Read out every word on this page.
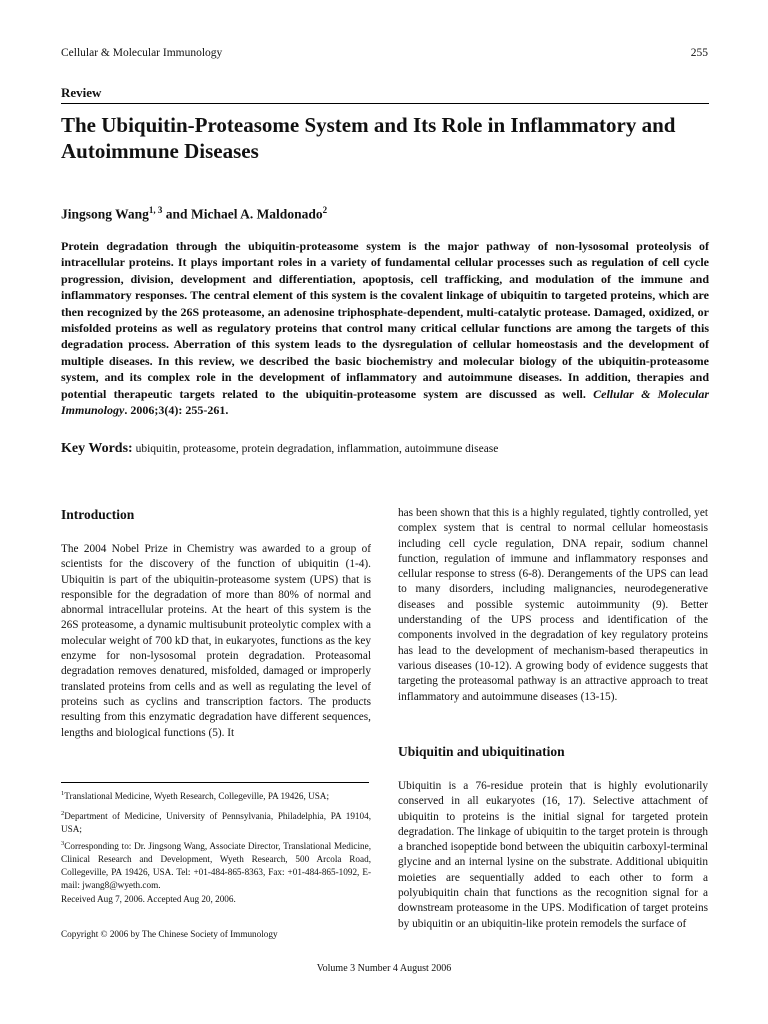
Cellular & Molecular Immunology	255
Review
The Ubiquitin-Proteasome System and Its Role in Inflammatory and Autoimmune Diseases
Jingsong Wang$^{1, 3}$ and Michael A. Maldonado$^2$
Protein degradation through the ubiquitin-proteasome system is the major pathway of non-lysosomal proteolysis of intracellular proteins. It plays important roles in a variety of fundamental cellular processes such as regulation of cell cycle progression, division, development and differentiation, apoptosis, cell trafficking, and modulation of the immune and inflammatory responses. The central element of this system is the covalent linkage of ubiquitin to targeted proteins, which are then recognized by the 26S proteasome, an adenosine triphosphate-dependent, multi-catalytic protease. Damaged, oxidized, or misfolded proteins as well as regulatory proteins that control many critical cellular functions are among the targets of this degradation process. Aberration of this system leads to the dysregulation of cellular homeostasis and the development of multiple diseases. In this review, we described the basic biochemistry and molecular biology of the ubiquitin-proteasome system, and its complex role in the development of inflammatory and autoimmune diseases. In addition, therapies and potential therapeutic targets related to the ubiquitin-proteasome system are discussed as well. Cellular & Molecular Immunology. 2006;3(4): 255-261.
Key Words: ubiquitin, proteasome, protein degradation, inflammation, autoimmune disease
Introduction
The 2004 Nobel Prize in Chemistry was awarded to a group of scientists for the discovery of the function of ubiquitin (1-4). Ubiquitin is part of the ubiquitin-proteasome system (UPS) that is responsible for the degradation of more than 80% of normal and abnormal intracellular proteins. At the heart of this system is the 26S proteasome, a dynamic multisubunit proteolytic complex with a molecular weight of 700 kD that, in eukaryotes, functions as the key enzyme for non-lysosomal protein degradation. Proteasomal degradation removes denatured, misfolded, damaged or improperly translated proteins from cells and as well as regulating the level of proteins such as cyclins and transcription factors. The products resulting from this enzymatic degradation have different sequences, lengths and biological functions (5). It
$^1$Translational Medicine, Wyeth Research, Collegeville, PA 19426, USA;
$^2$Department of Medicine, University of Pennsylvania, Philadelphia, PA 19104, USA;
$^3$Corresponding to: Dr. Jingsong Wang, Associate Director, Translational Medicine, Clinical Research and Development, Wyeth Research, 500 Arcola Road, Collegeville, PA 19426, USA. Tel: +01-484-865-8363, Fax: +01-484-865-1092, E-mail: jwang8@wyeth.com.
Received Aug 7, 2006. Accepted Aug 20, 2006.
Copyright © 2006 by The Chinese Society of Immunology
has been shown that this is a highly regulated, tightly controlled, yet complex system that is central to normal cellular homeostasis including cell cycle regulation, DNA repair, sodium channel function, regulation of immune and inflammatory responses and cellular response to stress (6-8). Derangements of the UPS can lead to many disorders, including malignancies, neurodegenerative diseases and possible systemic autoimmunity (9). Better understanding of the UPS process and identification of the components involved in the degradation of key regulatory proteins has lead to the development of mechanism-based therapeutics in various diseases (10-12). A growing body of evidence suggests that targeting the proteasomal pathway is an attractive approach to treat inflammatory and autoimmune diseases (13-15).
Ubiquitin and ubiquitination
Ubiquitin is a 76-residue protein that is highly evolutionarily conserved in all eukaryotes (16, 17). Selective attachment of ubiquitin to proteins is the initial signal for targeted protein degradation. The linkage of ubiquitin to the target protein is through a branched isopeptide bond between the ubiquitin carboxyl-terminal glycine and an internal lysine on the substrate. Additional ubiquitin moieties are sequentially added to each other to form a polyubiquitin chain that functions as the recognition signal for a downstream proteasome in the UPS. Modification of target proteins by ubiquitin or an ubiquitin-like protein remodels the surface of
Volume 3 Number 4 August 2006
